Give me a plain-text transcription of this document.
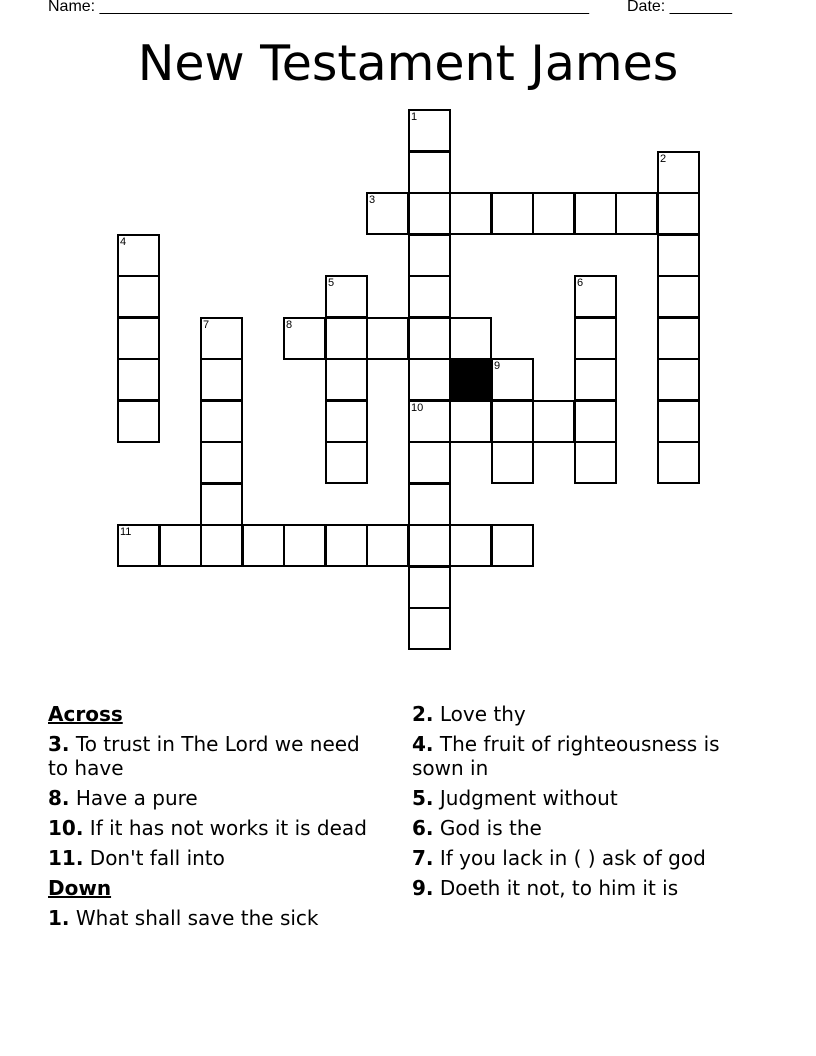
Name: _______________________________________________________ Date: _______
New Testament James
1
2
3
4
5	6
7	8
9
10
11
Across
3. To trust in The Lord we need to have
8. Have a pure
10. If it has not works it is dead
11. Don't fall into
Down
1. What shall save the sick
2. Love thy
4. The fruit of righteousness is sown in
5. Judgment without
6. God is the
7. If you lack in ( ) ask of god
9. Doeth it not, to him it is
